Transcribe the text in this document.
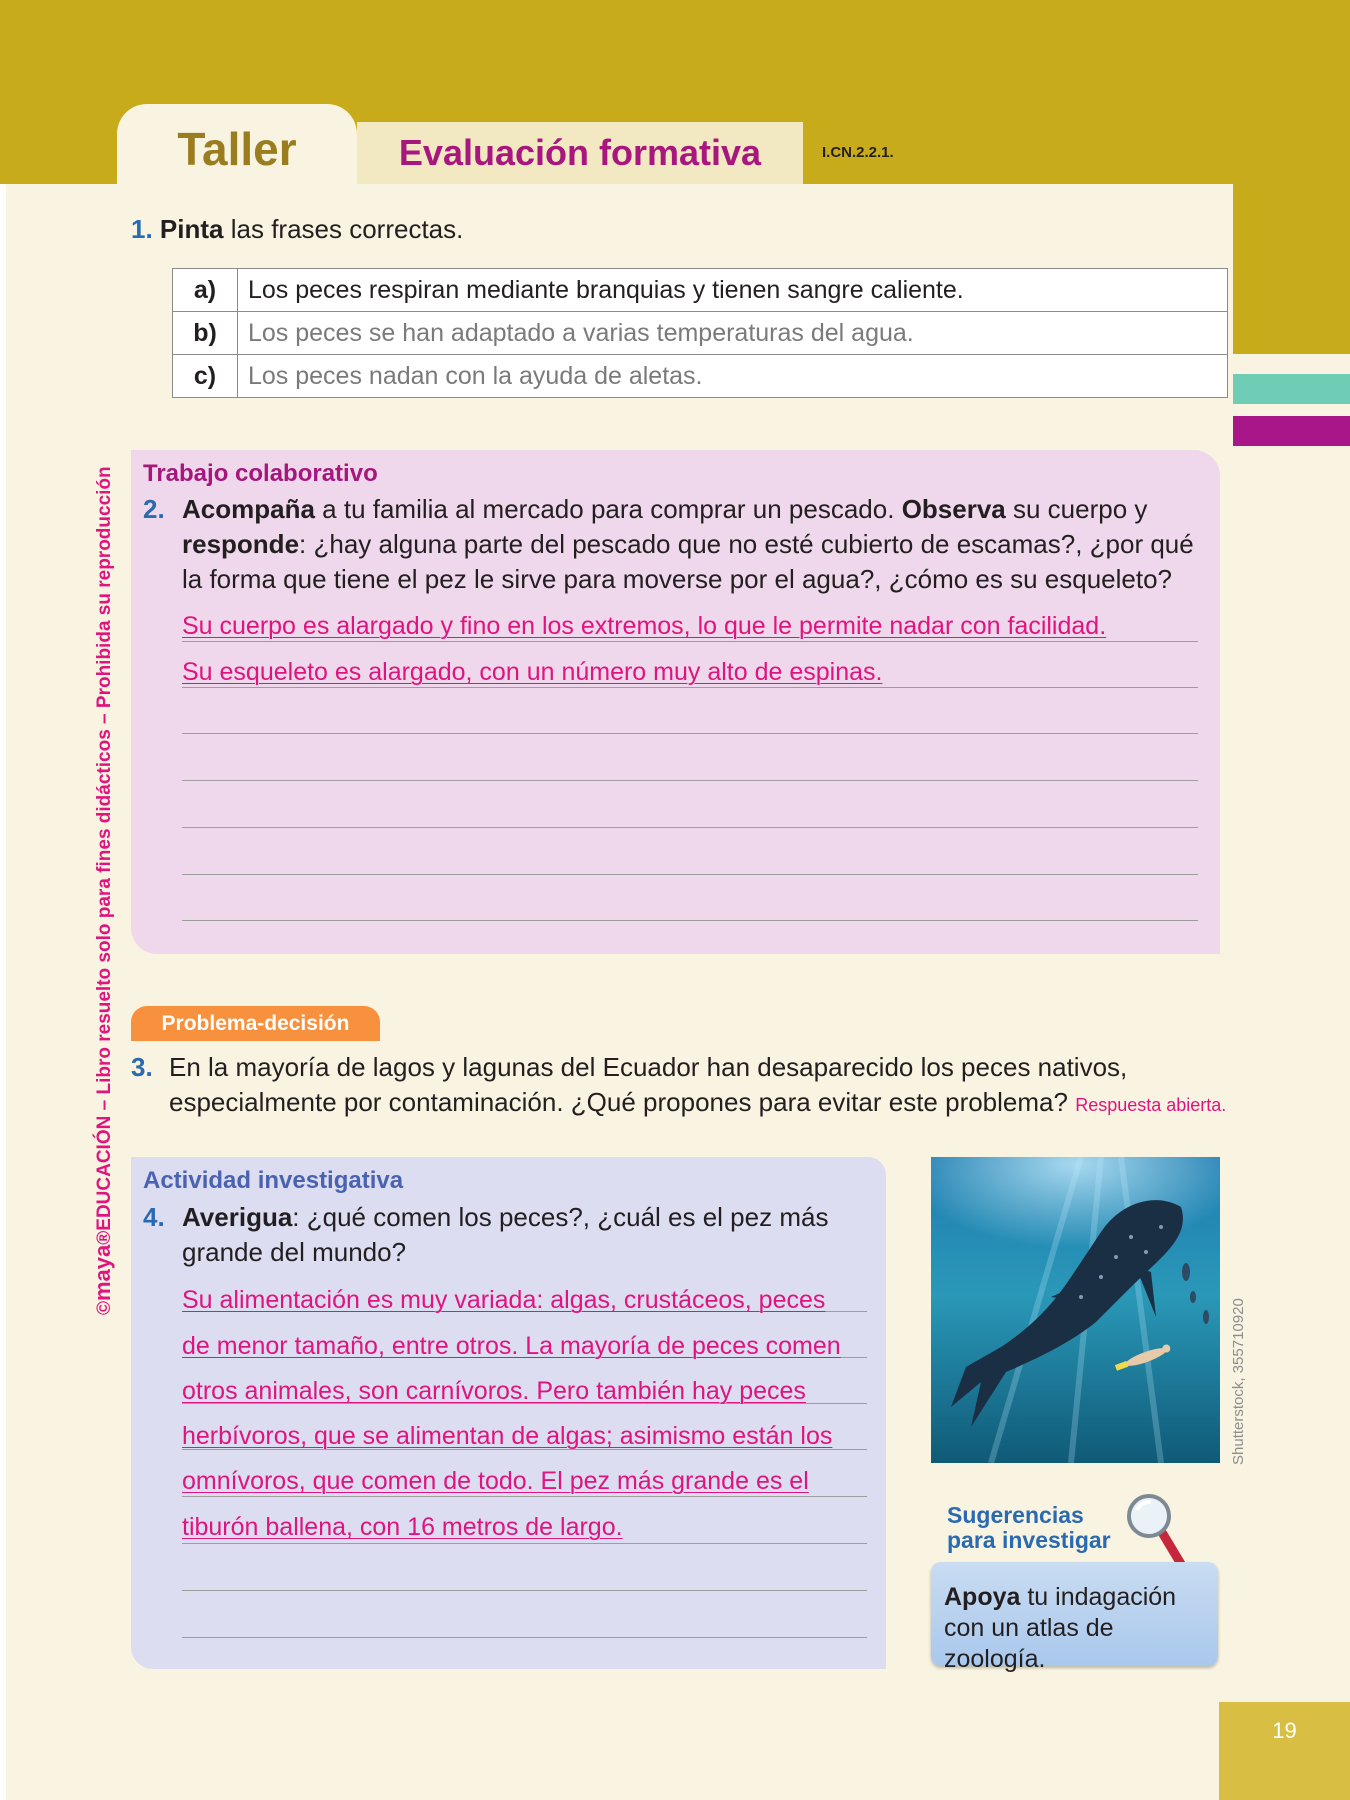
Taller	Evaluación formativa	I.CN.2.2.1.
1. Pinta las frases correctas.
a)	Los peces respiran mediante branquias y tienen sangre caliente.
b)	Los peces se han adaptado a varias temperaturas del agua.
c)	Los peces nadan con la ayuda de aletas.
Trabajo colaborativo
2. Acompaña a tu familia al mercado para comprar un pescado. Observa su cuerpo y responde: ¿hay alguna parte del pescado que no esté cubierto de escamas?, ¿por qué la forma que tiene el pez le sirve para moverse por el agua?, ¿cómo es su esqueleto?
Su cuerpo es alargado y fino en los extremos, lo que le permite nadar con facilidad.
Su esqueleto es alargado, con un número muy alto de espinas.
Problema-decisión
3. En la mayoría de lagos y lagunas del Ecuador han desaparecido los peces nativos, especialmente por contaminación. ¿Qué propones para evitar este problema? Respuesta abierta.
Actividad investigativa
4. Averigua: ¿qué comen los peces?, ¿cuál es el pez más grande del mundo?
Su alimentación es muy variada: algas, crustáceos, peces
de menor tamaño, entre otros. La mayoría de peces comen
otros animales, son carnívoros. Pero también hay peces
herbívoros, que se alimentan de algas; asimismo están los
omnívoros, que comen de todo. El pez más grande es el
tiburón ballena, con 16 metros de largo.
Shutterstock, 355710920
Sugerencias
para investigar
Apoya tu indagación con un atlas de zoología.
©maya®EDUCACIÓN – Libro resuelto solo para fines didácticos – Prohibida su reproducción
19
